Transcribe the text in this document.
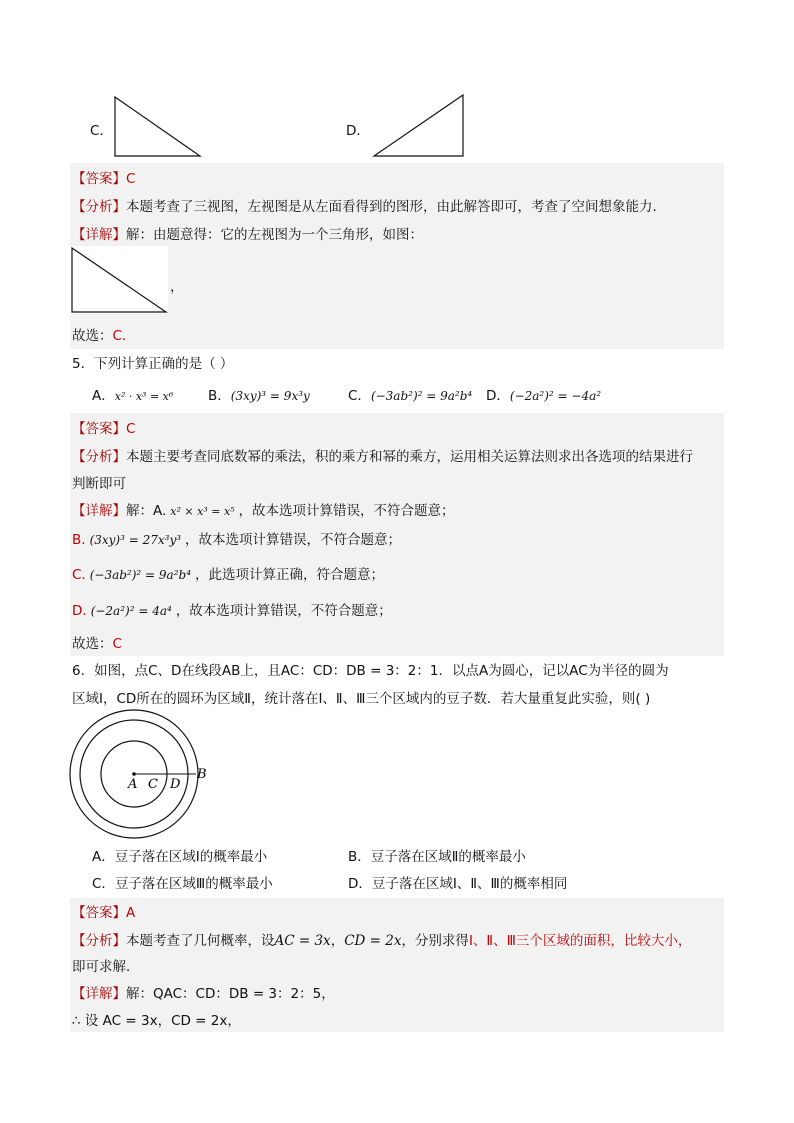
C．	D．
【答案】C
【分析】本题考查了三视图，左视图是从左面看得到的图形，由此解答即可，考查了空间想象能力．
【详解】解：由题意得：它的左视图为一个三角形，如图：
，
故选：C．
5．下列计算正确的是（ ）
A．x² · x³ = x⁶	B．(3xy)³ = 9x³y	C．(−3ab²)² = 9a²b⁴ D．(−2a²)² = −4a²
【答案】C
【分析】本题主要考查同底数幂的乘法，积的乘方和幂的乘方，运用相关运算法则求出各选项的结果进行
判断即可
【详解】解：A. x² × x³ = x⁵ ，故本选项计算错误，不符合题意；
B. (3xy)³ = 27x³y³ ，故本选项计算错误，不符合题意；
C. (−3ab²)² = 9a²b⁴ ，此选项计算正确，符合题意；
D. (−2a²)² = 4a⁴ ，故本选项计算错误，不符合题意；
故选：C
6．如图，点C、D在线段AB上，且AC：CD：DB = 3：2：1．以点A为圆心，记以AC为半径的圆为
区域Ⅰ，CD所在的圆环为区域Ⅱ，统计落在Ⅰ、Ⅱ、Ⅲ三个区域内的豆子数．若大量重复此实验，则( )
A C D
B
A．豆子落在区域Ⅰ的概率最小	B．豆子落在区域Ⅱ的概率最小
C．豆子落在区域Ⅲ的概率最小	D．豆子落在区域Ⅰ、Ⅱ、Ⅲ的概率相同
【答案】A
【分析】本题考查了几何概率，设AC = 3x，CD = 2x，分别求得Ⅰ、Ⅱ、Ⅲ三个区域的面积，比较大小，
即可求解．
【详解】解：QAC：CD：DB = 3：2：5，
∴ 设 AC = 3x，CD = 2x，
